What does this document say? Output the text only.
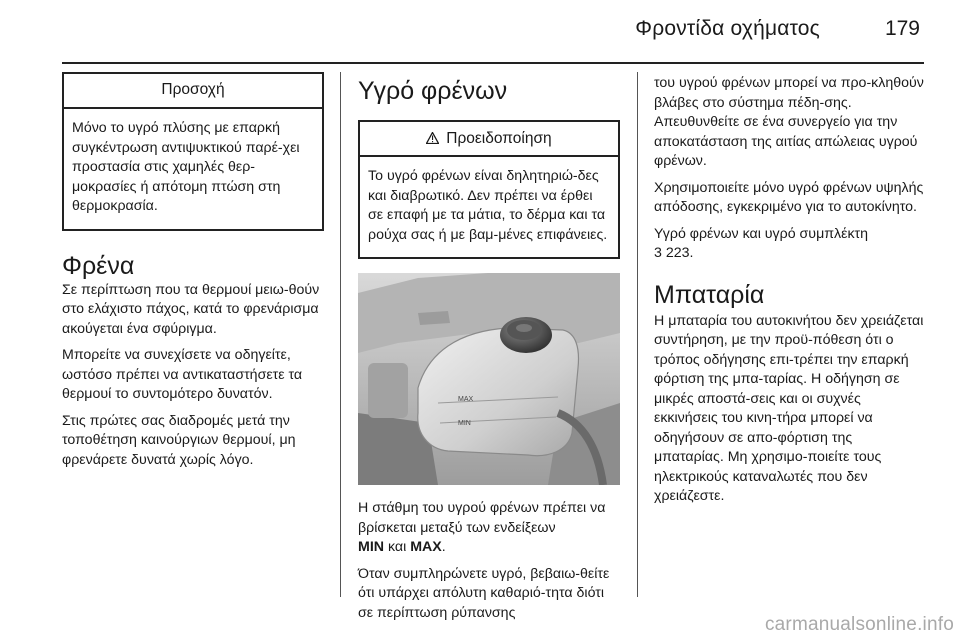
Φροντίδα οχήματος	179
Προσοχή
Μόνο το υγρό πλύσης με επαρκή συγκέντρωση αντιψυκτικού παρέ-χει προστασία στις χαμηλές θερ-μοκρασίες ή απότομη πτώση στη θερμοκρασία.
Φρένα

Σε περίπτωση που τα θερμουί μειω-θούν στο ελάχιστο πάχος, κατά το φρενάρισμα ακούγεται ένα σφύριγμα.

Μπορείτε να συνεχίσετε να οδηγείτε, ωστόσο πρέπει να αντικαταστήσετε τα θερμουί το συντομότερο δυνατόν.

Στις πρώτες σας διαδρομές μετά την τοποθέτηση καινούργιων θερμουί, μη φρενάρετε δυνατά χωρίς λόγο.

Υγρό φρένων
Προειδοποίηση
Το υγρό φρένων είναι δηλητηριώ-δες και διαβρωτικό. Δεν πρέπει να έρθει σε επαφή με τα μάτια, το δέρμα και τα ρούχα σας ή με βαμ-μένες επιφάνειες.
MAX
MIN

Η στάθμη του υγρού φρένων πρέπει να βρίσκεται μεταξύ των ενδείξεων
MIN και MAX.

Όταν συμπληρώνετε υγρό, βεβαιω-θείτε ότι υπάρχει απόλυτη καθαριό-τητα διότι σε περίπτωση ρύπανσης

του υγρού φρένων μπορεί να προ-κληθούν βλάβες στο σύστημα πέδη-σης. Απευθυνθείτε σε ένα συνεργείο για την αποκατάσταση της αιτίας απώλειας υγρού φρένων.

Χρησιμοποιείτε μόνο υγρό φρένων υψηλής απόδοσης, εγκεκριμένο για το αυτοκίνητο.

Υγρό φρένων και υγρό συμπλέκτη
3 223.

Μπαταρία

Η μπαταρία του αυτοκινήτου δεν χρειάζεται συντήρηση, με την προϋ-πόθεση ότι ο τρόπος οδήγησης επι-τρέπει την επαρκή φόρτιση της μπα-ταρίας. Η οδήγηση σε μικρές αποστά-σεις και οι συχνές εκκινήσεις του κινη-τήρα μπορεί να οδηγήσουν σε απο-φόρτιση της μπαταρίας. Μη χρησιμο-ποιείτε τους ηλεκτρικούς καταναλωτές που δεν χρειάζεστε.

carmanualsonline.info
